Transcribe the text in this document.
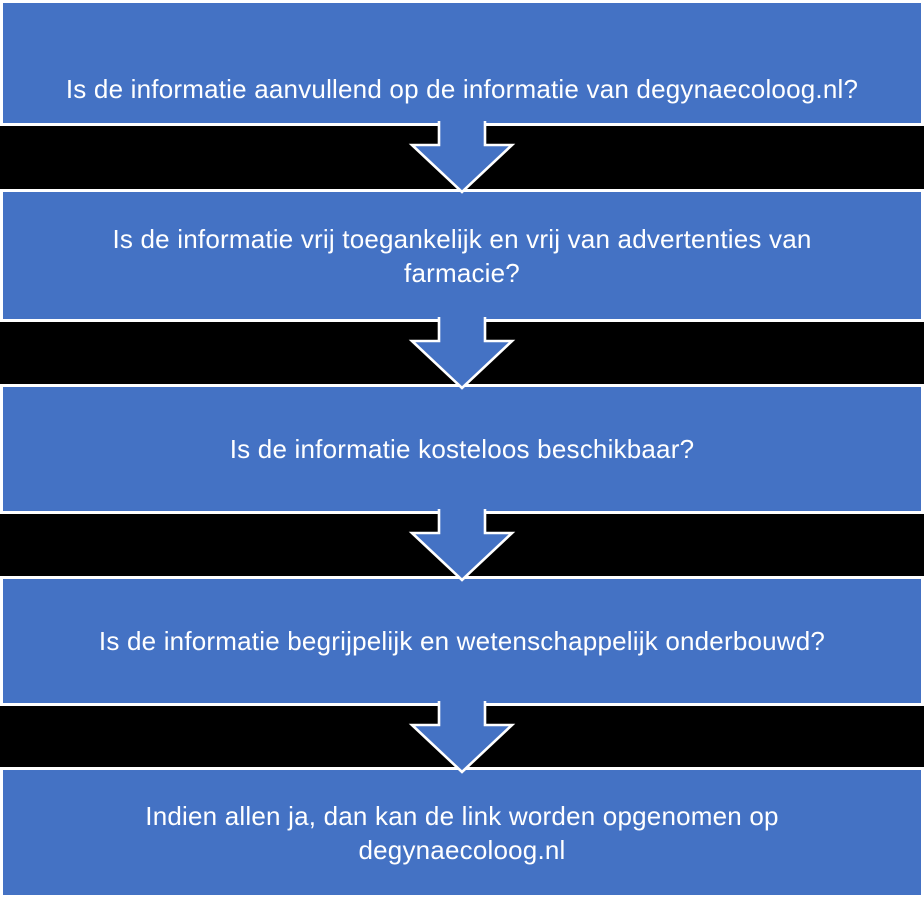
Is de informatie aanvullend op de informatie van degynaecoloog.nl?
Is de informatie vrij toegankelijk en vrij van advertenties van
farmacie?
Is de informatie kosteloos beschikbaar?
Is de informatie begrijpelijk en wetenschappelijk onderbouwd?
Indien allen ja, dan kan de link worden opgenomen op
degynaecoloog.nl
